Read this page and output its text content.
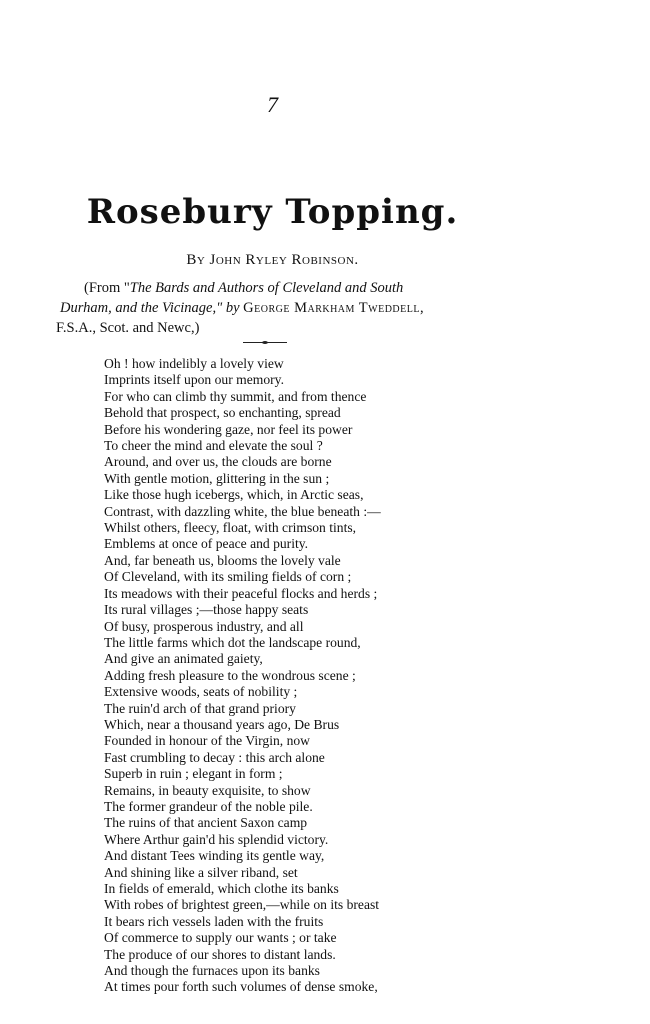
7
Rosebury Topping.
By John Ryley Robinson.
(From "The Bards and Authors of Cleveland and South
Durham, and the Vicinage," by George Markham Tweddell,
F.S.A., Scot. and Newc,)
Oh ! how indelibly a lovely view
Imprints itself upon our memory.
For who can climb thy summit, and from thence
Behold that prospect, so enchanting, spread
Before his wondering gaze, nor feel its power
To cheer the mind and elevate the soul ?
Around, and over us, the clouds are borne
With gentle motion, glittering in the sun ;
Like those hugh icebergs, which, in Arctic seas,
Contrast, with dazzling white, the blue beneath :—
Whilst others, fleecy, float, with crimson tints,
Emblems at once of peace and purity.
And, far beneath us, blooms the lovely vale
Of Cleveland, with its smiling fields of corn ;
Its meadows with their peaceful flocks and herds ;
Its rural villages ;—those happy seats
Of busy, prosperous industry, and all
The little farms which dot the landscape round,
And give an animated gaiety,
Adding fresh pleasure to the wondrous scene ;
Extensive woods, seats of nobility ;
The ruin'd arch of that grand priory
Which, near a thousand years ago, De Brus
Founded in honour of the Virgin, now
Fast crumbling to decay : this arch alone
Superb in ruin ; elegant in form ;
Remains, in beauty exquisite, to show
The former grandeur of the noble pile.
The ruins of that ancient Saxon camp
Where Arthur gain'd his splendid victory.
And distant Tees winding its gentle way,
And shining like a silver riband, set
In fields of emerald, which clothe its banks
With robes of brightest green,—while on its breast
It bears rich vessels laden with the fruits
Of commerce to supply our wants ; or take
The produce of our shores to distant lands.
And though the furnaces upon its banks
At times pour forth such volumes of dense smoke,
